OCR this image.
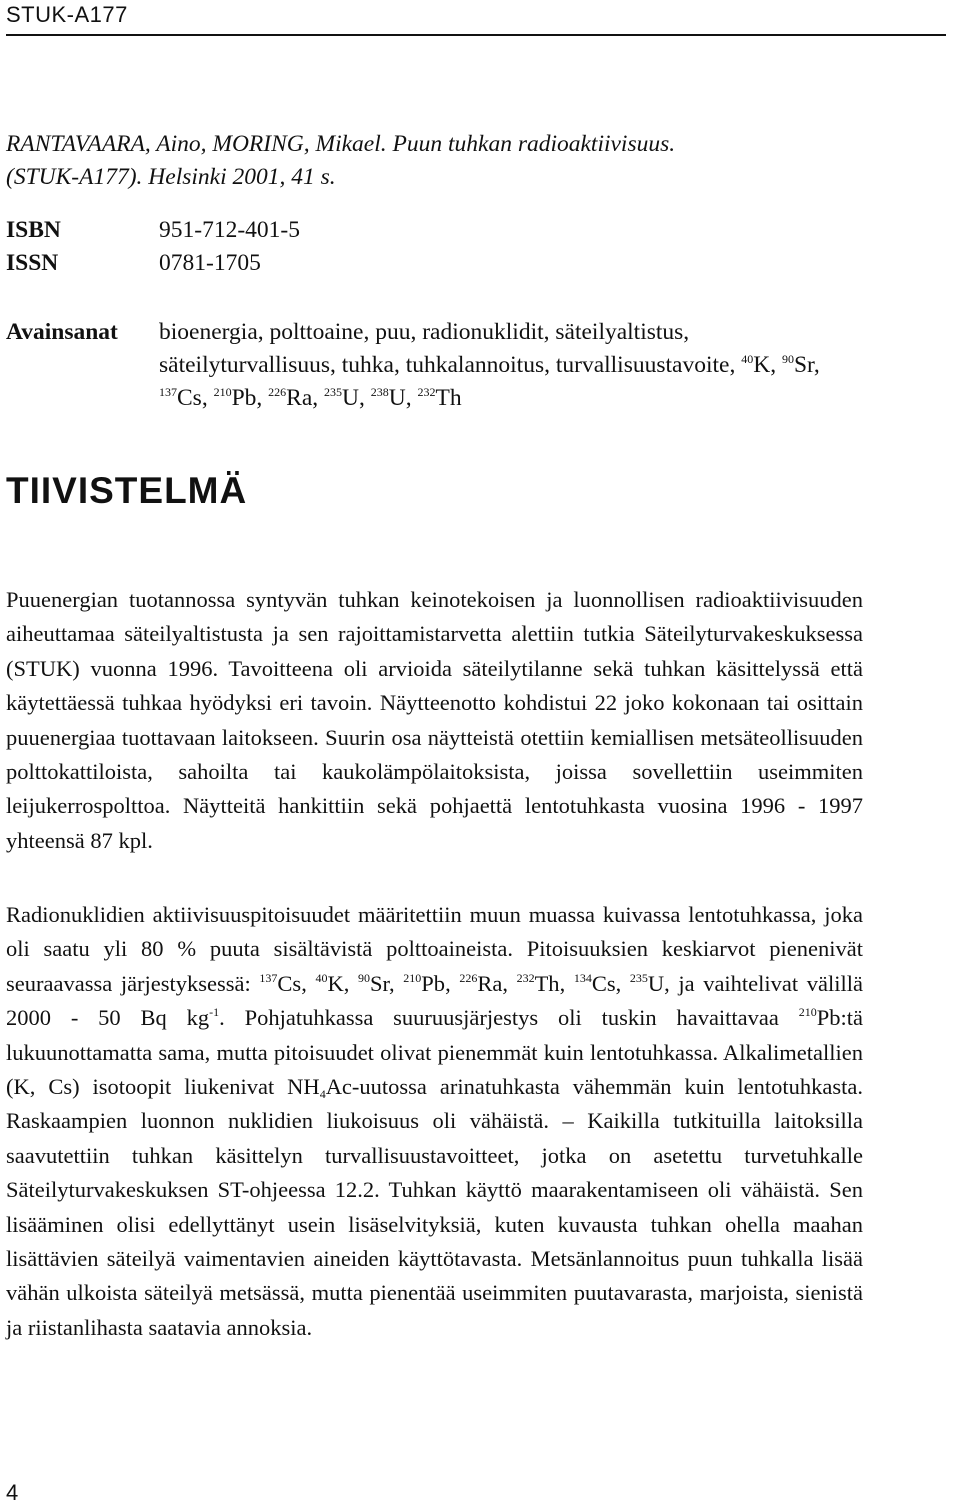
STUK-A177
RANTAVAARA, Aino, MORING, Mikael. Puun tuhkan radioaktiivisuus.
(STUK-A177). Helsinki 2001, 41 s.
ISBN	951-712-401-5
ISSN	0781-1705
Avainsanat bioenergia, polttoaine, puu, radionuklidit, säteilyaltistus, säteilyturvallisuus, tuhka, tuhkalannoitus, turvallisuustavoite, $^{40}$K, $^{90}$Sr, $^{137}$Cs, $^{210}$Pb, $^{226}$Ra, $^{235}$U, $^{238}$U, $^{232}$Th
TIIVISTELMÄ
Puuenergian tuotannossa syntyvän tuhkan keinotekoisen ja luonnollisen radioaktiivisuuden aiheuttamaa säteilyaltistusta ja sen rajoittamistarvetta alettiin tutkia Säteilyturvakeskuksessa (STUK) vuonna 1996. Tavoitteena oli arvioida säteilytilanne sekä tuhkan käsittelyssä että käytettäessä tuhkaa hyödyksi eri tavoin. Näytteenotto kohdistui 22 joko kokonaan tai osittain puuenergiaa tuottavaan laitokseen. Suurin osa näytteistä otettiin kemiallisen metsäteollisuuden polttokattiloista, sahoilta tai kaukolämpölaitoksista, joissa sovellettiin useimmiten leijukerrospolttoa. Näytteitä hankittiin sekä pohjaettä lentotuhkasta vuosina 1996 - 1997 yhteensä 87 kpl.
Radionuklidien aktiivisuuspitoisuudet määritettiin muun muassa kuivassa lentotuhkassa, joka oli saatu yli 80 % puuta sisältävistä polttoaineista. Pitoisuuksien keskiarvot pienenivät seuraavassa järjestyksessä: $^{137}$Cs, $^{40}$K, $^{90}$Sr, $^{210}$Pb, $^{226}$Ra, $^{232}$Th, $^{134}$Cs, $^{235}$U, ja vaihtelivat välillä 2000 - 50 Bq $kg^{-1}$. Pohjatuhkassa suuruusjärjestys oli tuskin havaittavaa $^{210}$Pb:tä lukuunottamatta sama, mutta pitoisuudet olivat pienemmät kuin lentotuhkassa. Alkalimetallien (K, Cs) isotoopit liukenivat $NH_4Ac$-uutossa arinatuhkasta vähemmän kuin lentotuhkasta. Raskaampien luonnon nuklidien liukoisuus oli vähäistä. – Kaikilla tutkituilla laitoksilla saavutettiin tuhkan käsittelyn turvallisuustavoitteet, jotka on asetettu turvetuhkalle Säteilyturvakeskuksen ST-ohjeessa 12.2. Tuhkan käyttö maarakentamiseen oli vähäistä. Sen lisääminen olisi edellyttänyt usein lisäselvityksiä, kuten kuvausta tuhkan ohella maahan lisättävien säteilyä vaimentavien aineiden käyttötavasta. Metsänlannoitus puun tuhkalla lisää vähän ulkoista säteilyä metsässä, mutta pienentää useimmiten puutavarasta, marjoista, sienistä ja riistanlihasta saatavia annoksia.
4
